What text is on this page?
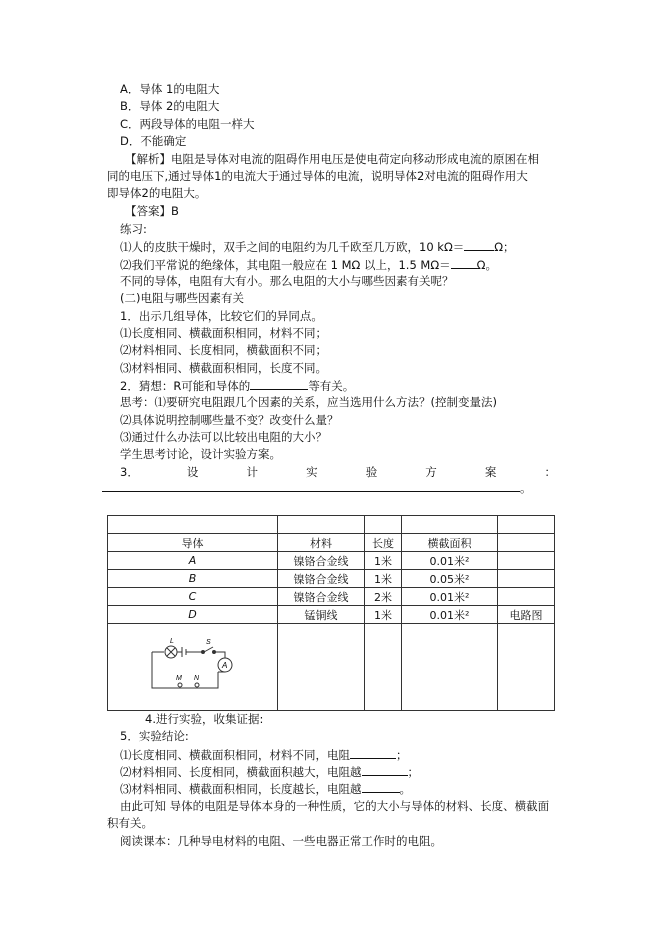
A．导体 1的电阻大
B．导体 2的电阻大
C．两段导体的电阻一样大
D．不能确定
【解析】电阻是导体对电流的阻碍作用电压是使电荷定向移动形成电流的原囷在相
同的电压下,通过导体1的电流大于通过导体的电流，说明导体2对电流的阻碍作用大
即导体2的电阻大。
【答案】B
练习:
⑴人的皮肤干燥时，双手之间的电阻约为几千欧至几万欧，10 kΩ＝	Ω；
⑵我们平常说的绝缘体，其电阻一般应在 1 MΩ 以上，1.5 MΩ＝ Ω。
不同的导体，电阻有大有小。那么电阻的大小与哪些因素有关呢？
(二)电阻与哪些因素有关
1．出示几组导体，比较它们的异同点。
⑴长度相同、横截面积相同，材料不同；
⑵材料相同、长度相同，横截面积不同；
⑶材料相同、横截面积相同，长度不同。
2．猜想：R可能和导体的	等有关。
思考：⑴要研究电阻跟几个因素的关系，应当选用什么方法？(控制变量法)
⑵具体说明控制哪些量不变？改变什么量？
⑶通过什么办法可以比较出电阻的大小？
学生思考讨论，设计实验方案。
3．	设	计	实	验	方	案	：
。

导体	材料	长度	横截面积	
A	镍铬合金线	1米	0.01米²	
B	镍铬合金线	1米	0.05米²	
C	镍铬合金线	2米	0.01米²	
D	锰铜线	1米	0.01米²	电路图

L	S
A
M N
4.进行实验，收集证据:
5．实验结论:
⑴长度相同、横截面积相同，材料不同，电阻	；
⑵材料相同、长度相同，横截面积越大，电阻越	；
⑶材料相同、横截面积相同，长度越长，电阻越	。
由此可知 导体的电阻是导体本身的一种性质，它的大小与导体的材料、长度、横截面
积有关。
阅读课本：几种导电材料的电阻、一些电器正常工作时的电阻。
